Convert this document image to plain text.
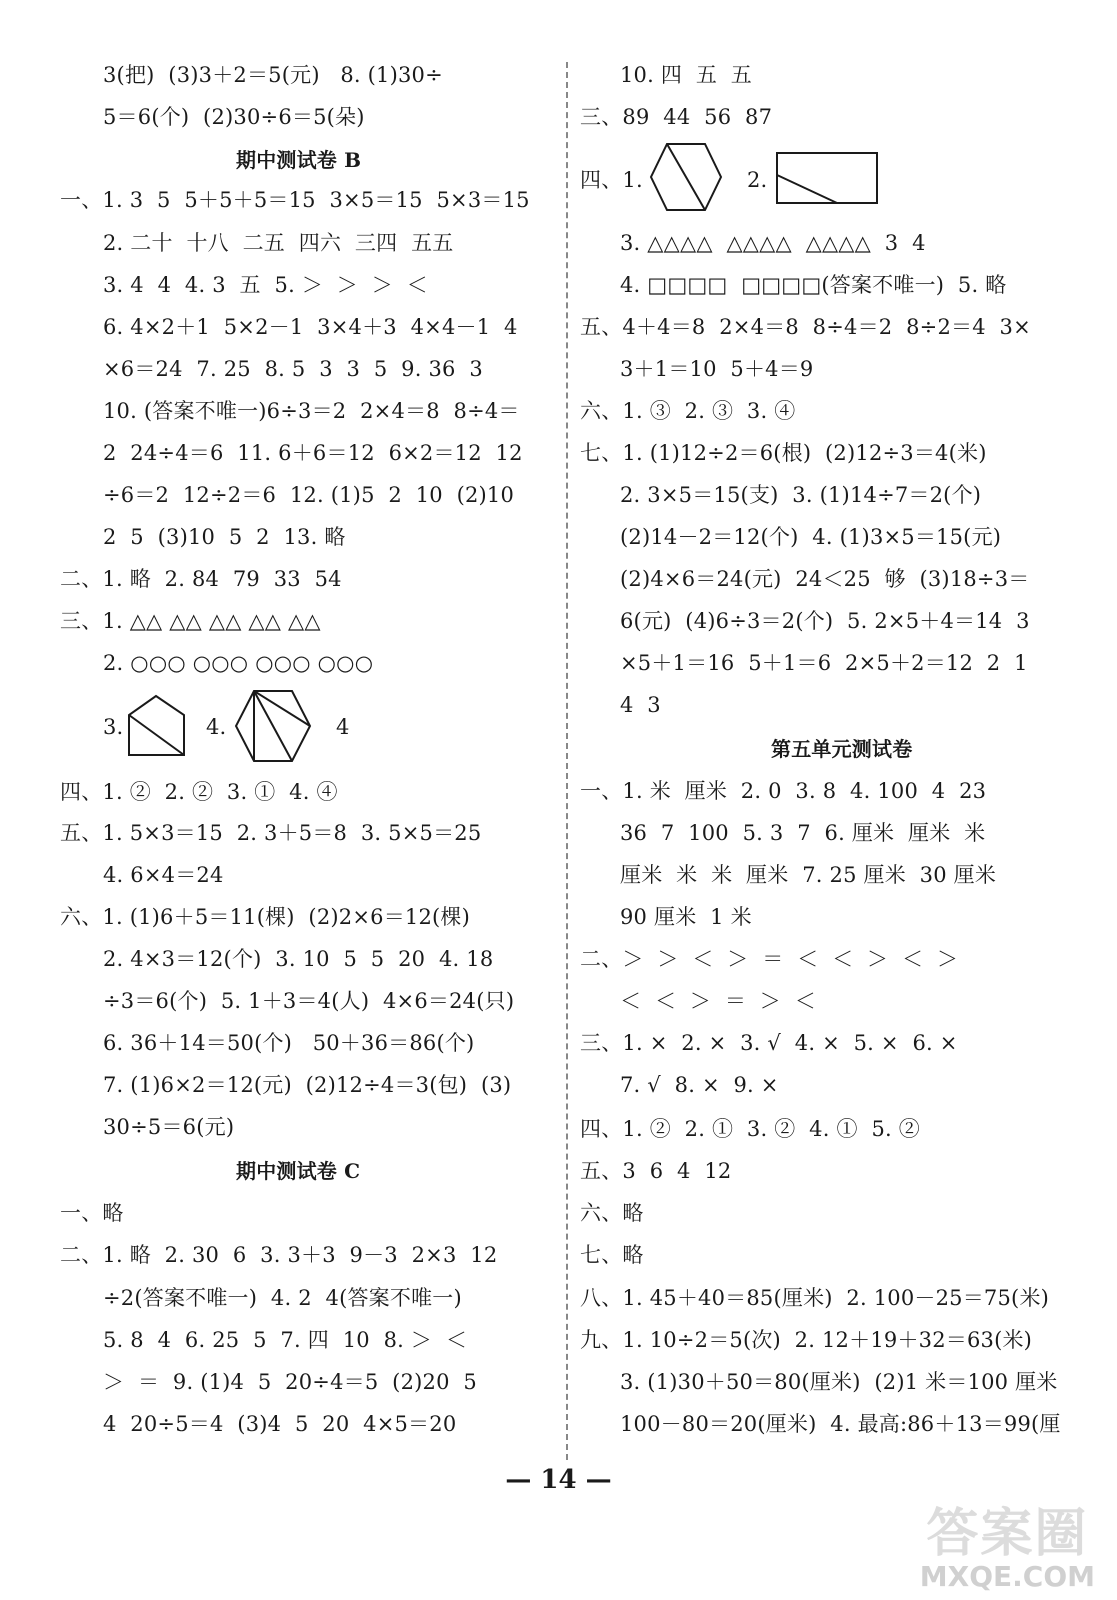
3(把)  (3)3＋2＝5(元)   8. (1)30÷
5＝6(个)  (2)30÷6＝5(朵)
期中测试卷 B
一、1. 3  5  5＋5＋5＝15  3×5＝15  5×3＝15
2. 二十  十八  二五  四六  三四  五五
3. 4  4  4. 3  五  5. ＞  ＞  ＞  ＜
6. 4×2＋1  5×2－1  3×4＋3  4×4－1  4
×6＝24  7. 25  8. 5  3  3  5  9. 36  3
10. (答案不唯一)6÷3＝2  2×4＝8  8÷4＝
2  24÷4＝6  11. 6＋6＝12  6×2＝12  12
÷6＝2  12÷2＝6  12. (1)5  2  10  (2)10
2  5  (3)10  5  2  13. 略
二、1. 略  2. 84  79  33  54
三、1. △△ △△ △△ △△ △△
2. ○○○ ○○○ ○○○ ○○○
3.	4.	4
四、1. ②  2. ②  3. ①  4. ④
五、1. 5×3＝15  2. 3＋5＝8  3. 5×5＝25
4. 6×4＝24
六、1. (1)6＋5＝11(棵)  (2)2×6＝12(棵)
2. 4×3＝12(个)  3. 10  5  5  20  4. 18
÷3＝6(个)  5. 1＋3＝4(人)  4×6＝24(只)
6. 36＋14＝50(个)   50＋36＝86(个)
7. (1)6×2＝12(元)  (2)12÷4＝3(包)  (3)
30÷5＝6(元)
期中测试卷 C
一、略
二、1. 略  2. 30  6  3. 3＋3  9－3  2×3  12
÷2(答案不唯一)  4. 2  4(答案不唯一)
5. 8  4  6. 25  5  7. 四  10  8. ＞  ＜
＞  ＝  9. (1)4  5  20÷4＝5  (2)20  5
4  20÷5＝4  (3)4  5  20  4×5＝20
10. 四  五  五
三、89  44  56  87
四、1.	2.
3. △△△△  △△△△  △△△△  3  4
4. □□□□  □□□□(答案不唯一)  5. 略
五、4＋4＝8  2×4＝8  8÷4＝2  8÷2＝4  3×
3＋1＝10  5＋4＝9
六、1. ③  2. ③  3. ④
七、1. (1)12÷2＝6(根)  (2)12÷3＝4(米)
2. 3×5＝15(支)  3. (1)14÷7＝2(个)
(2)14－2＝12(个)  4. (1)3×5＝15(元)
(2)4×6＝24(元)  24＜25  够  (3)18÷3＝
6(元)  (4)6÷3＝2(个)  5. 2×5＋4＝14  3
×5＋1＝16  5＋1＝6  2×5＋2＝12  2  1
4  3
第五单元测试卷
一、1. 米  厘米  2. 0  3. 8  4. 100  4  23
36  7  100  5. 3  7  6. 厘米  厘米  米
厘米  米  米  厘米  7. 25 厘米  30 厘米
90 厘米  1 米
二、＞  ＞  ＜  ＞  ＝  ＜  ＜  ＞  ＜  ＞
＜  ＜  ＞  ＝  ＞  ＜
三、1. ×  2. ×  3. √  4. ×  5. ×  6. ×
7. √  8. ×  9. ×
四、1. ②  2. ①  3. ②  4. ①  5. ②
五、3  6  4  12
六、略
七、略
八、1. 45＋40＝85(厘米)  2. 100－25＝75(米)
九、1. 10÷2＝5(次)  2. 12＋19＋32＝63(米)
3. (1)30＋50＝80(厘米)  (2)1 米＝100 厘米
100－80＝20(厘米)  4. 最高:86＋13＝99(厘
— 14 —
答案圈
MXQE.COM
